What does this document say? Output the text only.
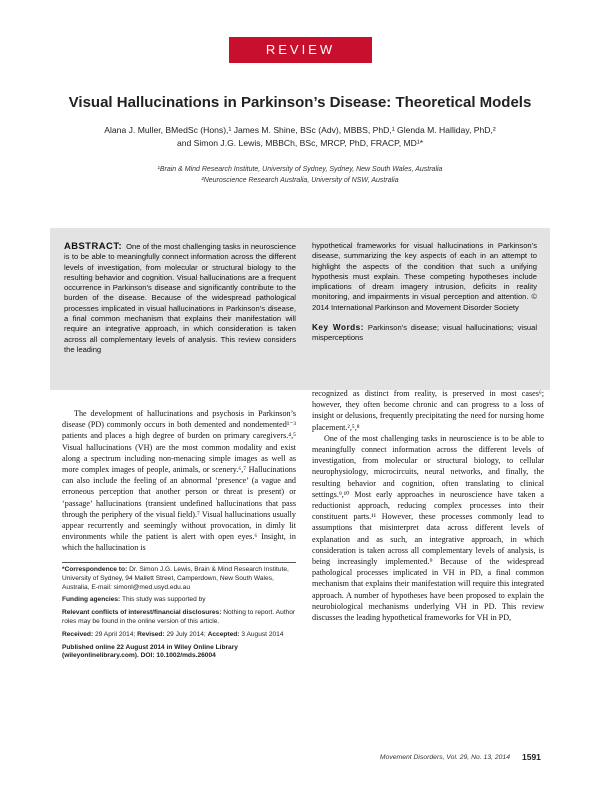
REVIEW
Visual Hallucinations in Parkinson’s Disease: Theoretical Models
Alana J. Muller, BMedSc (Hons),¹ James M. Shine, BSc (Adv), MBBS, PhD,¹ Glenda M. Halliday, PhD,²
and Simon J.G. Lewis, MBBCh, BSc, MRCP, PhD, FRACP, MD¹*
¹Brain & Mind Research Institute, University of Sydney, Sydney, New South Wales, Australia
²Neuroscience Research Australia, University of NSW, Australia
ABSTRACT: One of the most challenging tasks in neuroscience is to be able to meaningfully connect information across the different levels of investigation, from molecular or structural biology to the resulting behavior and cognition. Visual hallucinations are a frequent occurrence in Parkinson’s disease and significantly contribute to the burden of the disease. Because of the widespread pathological processes implicated in visual hallucinations in Parkinson’s disease, a final common mechanism that explains their manifestation will require an integrative approach, in which consideration is taken across all complementary levels of analysis. This review considers the leading
hypothetical frameworks for visual hallucinations in Parkinson’s disease, summarizing the key aspects of each in an attempt to highlight the aspects of the condition that such a unifying hypothesis must explain. These competing hypotheses include implications of dream imagery intrusion, deficits in reality monitoring, and impairments in visual perception and attention. © 2014 International Parkinson and Movement Disorder Society
Key Words: Parkinson’s disease; visual hallucinations; visual misperceptions

The development of hallucinations and psychosis in Parkinson’s disease (PD) commonly occurs in both demented and nondemented¹⁻³ patients and places a high degree of burden on primary caregivers.⁴,⁵ Visual hallucinations (VH) are the most common modality and exist along a spectrum including non-menacing simple images as well as more complex images of people, animals, or scenery.⁶,⁷ Hallucinations can also include the feeling of an abnormal ‘presence’ (a vague and erroneous perception that another person or threat is present) or ‘passage’ hallucinations (transient undefined hallucinations that pass through the periphery of the visual field).⁷ Visual hallucinations usually appear recurrently and seemingly without provocation, in dimly lit environments while the patient is alert with open eyes.⁶ Insight, in which the hallucination is

recognized as distinct from reality, is preserved in most cases⁶; however, they often become chronic and can progress to a loss of insight or delusions, frequently precipitating the need for nursing home placement.²,⁵,⁸

One of the most challenging tasks in neuroscience is to be able to meaningfully connect information across the different levels of investigation, from molecular or structural biology, to cellular neurophysiology, microcircuits, neural networks, and finally, the resulting behavior and cognition, often translating to clinical settings.⁹,¹⁰ Most early approaches in neuroscience have taken a reductionist approach, reducing complex processes into their constituent parts.¹¹ However, these processes commonly lead to assumptions that misinterpret data across different levels of explanation and as such, an integrative approach, in which consideration is taken across all complementary levels of analysis, is being increasingly implemented.⁹ Because of the widespread pathological processes implicated in VH in PD, a final common mechanism that explains their manifestation will require this integrated approach. A number of hypotheses have been proposed to explain the neurobiological mechanisms underlying VH in PD. This review discusses the leading hypothetical frameworks for VH in PD,

*Correspondence to: Dr. Simon J.G. Lewis, Brain & Mind Research Institute, University of Sydney, 94 Mallett Street, Camperdown, New South Wales, Australia, E-mail: simonl@med.usyd.edu.au

Funding agencies: This study was supported by

Relevant conflicts of interest/financial disclosures: Nothing to report. Author roles may be found in the online version of this article.

Received: 29 April 2014; Revised: 29 July 2014; Accepted: 3 August 2014

Published online 22 August 2014 in Wiley Online Library (wileyonlinelibrary.com). DOI: 10.1002/mds.26004

Movement Disorders, Vol. 29, No. 13, 2014 1591
